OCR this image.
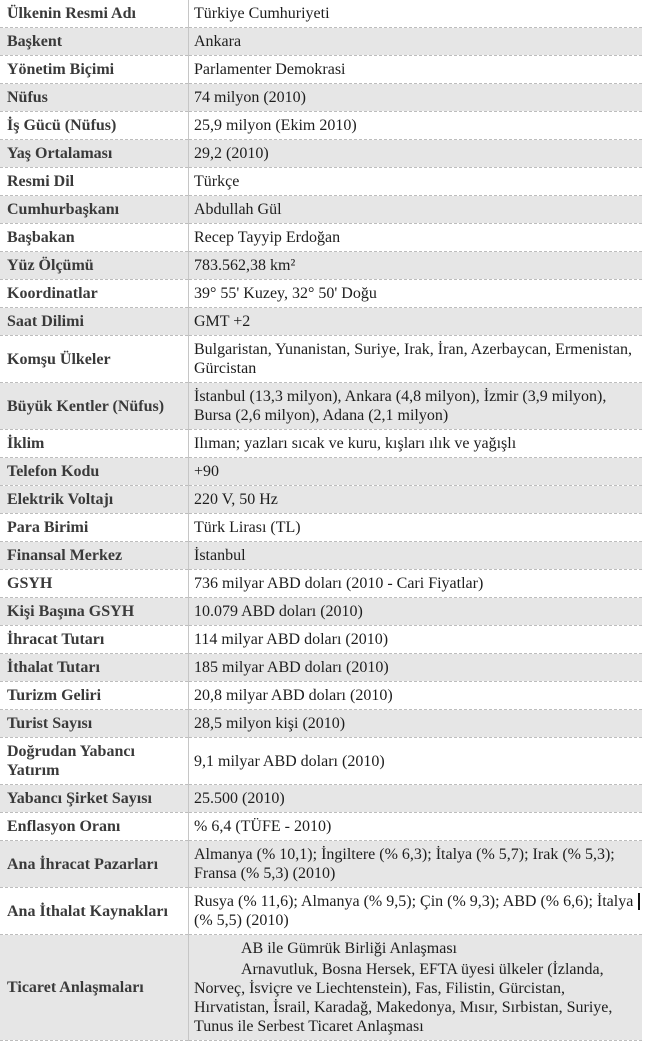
Ülkenin Resmi Adı	Türkiye Cumhuriyeti
Başkent	Ankara
Yönetim Biçimi	Parlamenter Demokrasi
Nüfus	74 milyon (2010)
İş Gücü (Nüfus)	25,9 milyon (Ekim 2010)
Yaş Ortalaması	29,2 (2010)
Resmi Dil	Türkçe
Cumhurbaşkanı	Abdullah Gül
Başbakan	Recep Tayyip Erdoğan
Yüz Ölçümü	783.562,38 km²
Koordinatlar	39° 55' Kuzey, 32° 50' Doğu
Saat Dilimi	GMT +2
Komşu Ülkeler	Bulgaristan, Yunanistan, Suriye, Irak, İran, Azerbaycan, Ermenistan, Gürcistan
Büyük Kentler (Nüfus)	İstanbul (13,3 milyon), Ankara (4,8 milyon), İzmir (3,9 milyon), Bursa (2,6 milyon), Adana (2,1 milyon)
İklim	Ilıman; yazları sıcak ve kuru, kışları ılık ve yağışlı
Telefon Kodu	+90
Elektrik Voltajı	220 V, 50 Hz
Para Birimi	Türk Lirası (TL)
Finansal Merkez	İstanbul
GSYH	736 milyar ABD doları (2010 - Cari Fiyatlar)
Kişi Başına GSYH	10.079 ABD doları (2010)
İhracat Tutarı	114 milyar ABD doları (2010)
İthalat Tutarı	185 milyar ABD doları (2010)
Turizm Geliri	20,8 milyar ABD doları (2010)
Turist Sayısı	28,5 milyon kişi (2010)
Doğrudan Yabancı Yatırım	9,1 milyar ABD doları (2010)
Yabancı Şirket Sayısı	25.500 (2010)
Enflasyon Oranı	% 6,4 (TÜFE - 2010)
Ana İhracat Pazarları	Almanya (% 10,1); İngiltere (% 6,3); İtalya (% 5,7); Irak (% 5,3); Fransa (% 5,3) (2010)
Ana İthalat Kaynakları	Rusya (% 11,6); Almanya (% 9,5); Çin (% 9,3); ABD (% 6,6); İtalya (% 5,5) (2010)

Ticaret Anlaşmaları	AB ile Gümrük Birliği Anlaşması

Arnavutluk, Bosna Hersek, EFTA üyesi ülkeler (İzlanda, Norveç, İsviçre ve Liechtenstein), Fas, Filistin, Gürcistan, Hırvatistan, İsrail, Karadağ, Makedonya, Mısır, Sırbistan, Suriye, Tunus ile Serbest Ticaret Anlaşması
